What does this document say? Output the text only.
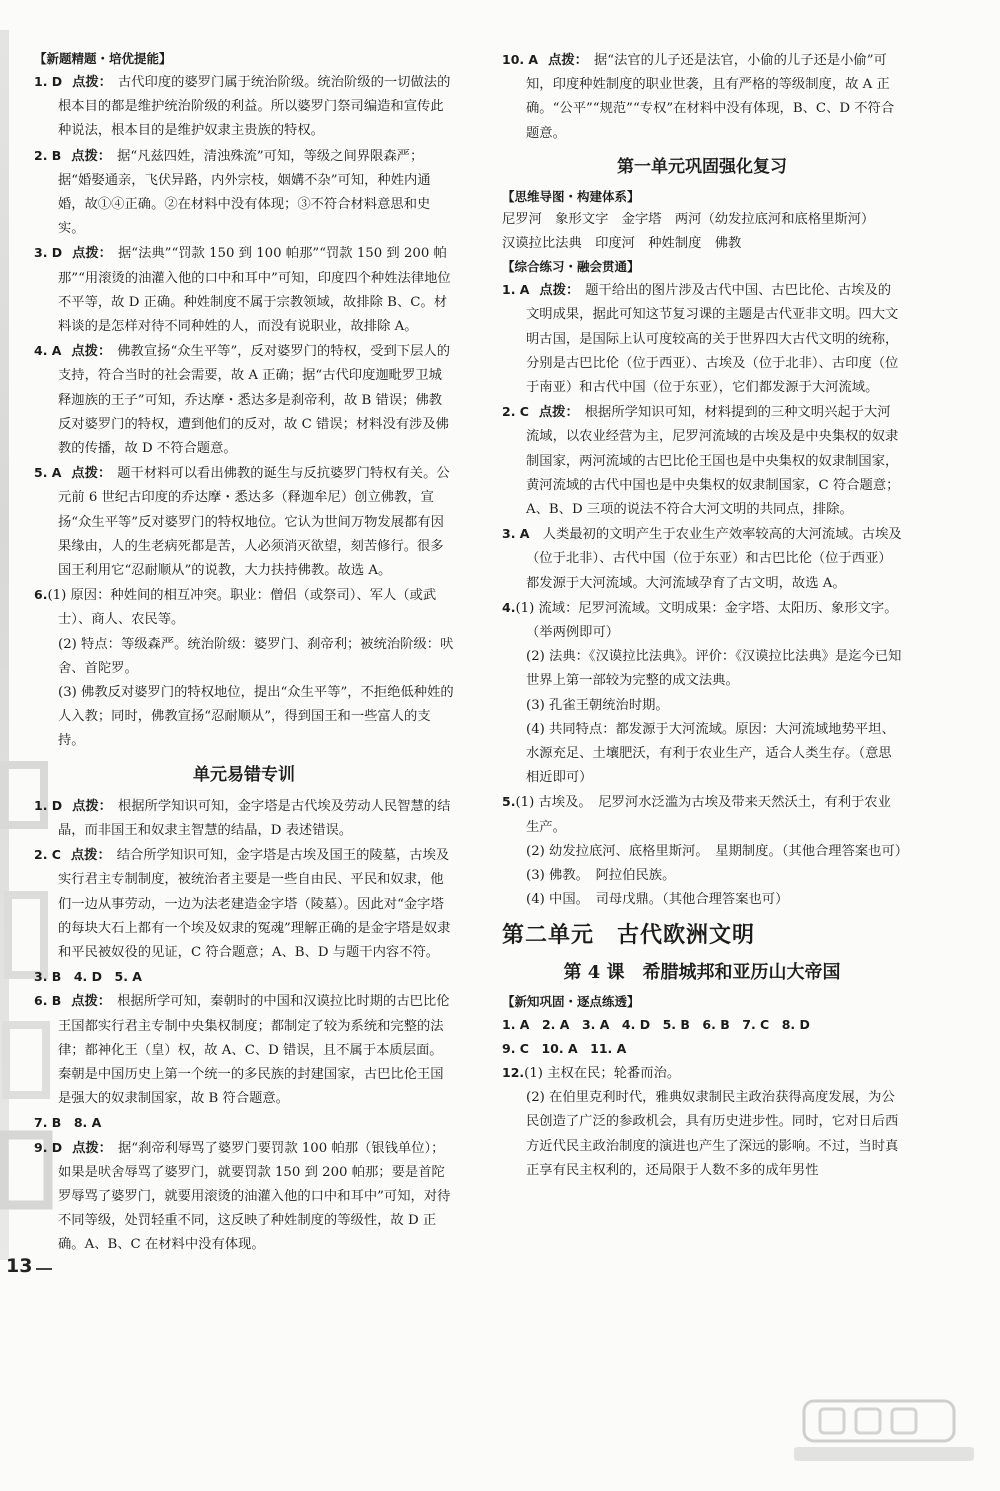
【新题精题・培优提能】
1. D 点拨： 古代印度的婆罗门属于统治阶级。统治阶级的一切做法的根本目的都是维护统治阶级的利益。所以婆罗门祭司编造和宣传此种说法，根本目的是维护奴隶主贵族的特权。
2. B 点拨： 据“凡兹四姓，清浊殊流”可知，等级之间界限森严；据“婚娶通亲，飞伏异路，内外宗枝，姻媾不杂”可知，种姓内通婚，故①④正确。②在材料中没有体现；③不符合材料意思和史实。
3. D 点拨： 据“法典”“罚款 150 到 100 帕那”“罚款 150 到 200 帕那”“用滚烫的油灌入他的口中和耳中”可知，印度四个种姓法律地位不平等，故 D 正确。种姓制度不属于宗教领域，故排除 B、C。材料谈的是怎样对待不同种姓的人，而没有说职业，故排除 A。
4. A 点拨： 佛教宣扬“众生平等”，反对婆罗门的特权，受到下层人的支持，符合当时的社会需要，故 A 正确；据“古代印度迦毗罗卫城释迦族的王子”可知，乔达摩・悉达多是刹帝利，故 B 错误；佛教反对婆罗门的特权，遭到他们的反对，故 C 错误；材料没有涉及佛教的传播，故 D 不符合题意。
5. A 点拨： 题干材料可以看出佛教的诞生与反抗婆罗门特权有关。公元前 6 世纪古印度的乔达摩・悉达多（释迦牟尼）创立佛教，宣扬“众生平等”反对婆罗门的特权地位。它认为世间万物发展都有因果缘由，人的生老病死都是苦，人必须消灭欲望，刻苦修行。很多国王利用它“忍耐顺从”的说教，大力扶持佛教。故选 A。
6.(1) 原因：种姓间的相互冲突。职业：僧侣（或祭司）、军人（或武士）、商人、农民等。
(2) 特点：等级森严。统治阶级：婆罗门、刹帝利；被统治阶级：吠舍、首陀罗。
(3) 佛教反对婆罗门的特权地位，提出“众生平等”，不拒绝低种姓的人入教；同时，佛教宣扬“忍耐顺从”，得到国王和一些富人的支持。
单元易错专训
1. D 点拨： 根据所学知识可知，金字塔是古代埃及劳动人民智慧的结晶，而非国王和奴隶主智慧的结晶，D 表述错误。
2. C 点拨： 结合所学知识可知，金字塔是古埃及国王的陵墓，古埃及实行君主专制制度，被统治者主要是一些自由民、平民和奴隶，他们一边从事劳动，一边为法老建造金字塔（陵墓）。因此对“金字塔的每块大石上都有一个埃及奴隶的冤魂”理解正确的是金字塔是奴隶和平民被奴役的见证，C 符合题意；A、B、D 与题干内容不符。
3. B　4. D　5. A
6. B 点拨： 根据所学可知，秦朝时的中国和汉谟拉比时期的古巴比伦王国都实行君主专制中央集权制度；都制定了较为系统和完整的法律；都神化王（皇）权，故 A、C、D 错误，且不属于本质层面。秦朝是中国历史上第一个统一的多民族的封建国家，古巴比伦王国是强大的奴隶制国家，故 B 符合题意。
7. B　8. A
9. D 点拨： 据“刹帝利辱骂了婆罗门要罚款 100 帕那（银钱单位）；如果是吠舍辱骂了婆罗门，就要罚款 150 到 200 帕那；要是首陀罗辱骂了婆罗门，就要用滚烫的油灌入他的口中和耳中”可知，对待不同等级，处罚轻重不同，这反映了种姓制度的等级性，故 D 正确。A、B、C 在材料中没有体现。
10. A 点拨： 据“法官的儿子还是法官，小偷的儿子还是小偷”可知，印度种姓制度的职业世袭，且有严格的等级制度，故 A 正确。“公平”“规范”“专权”在材料中没有体现，B、C、D 不符合题意。
第一单元巩固强化复习
【思维导图・构建体系】
尼罗河　象形文字　金字塔　两河（幼发拉底河和底格里斯河）
汉谟拉比法典　印度河　种姓制度　佛教
【综合练习・融会贯通】
1. A 点拨： 题干给出的图片涉及古代中国、古巴比伦、古埃及的文明成果，据此可知这节复习课的主题是古代亚非文明。四大文明古国，是国际上认可度较高的关于世界四大古代文明的统称，分别是古巴比伦（位于西亚）、古埃及（位于北非）、古印度（位于南亚）和古代中国（位于东亚），它们都发源于大河流域。
2. C 点拨： 根据所学知识可知，材料提到的三种文明兴起于大河流域，以农业经营为主，尼罗河流域的古埃及是中央集权的奴隶制国家，两河流域的古巴比伦王国也是中央集权的奴隶制国家，黄河流域的古代中国也是中央集权的奴隶制国家，C 符合题意；A、B、D 三项的说法不符合大河文明的共同点，排除。
3. A　 人类最初的文明产生于农业生产效率较高的大河流域。古埃及（位于北非）、古代中国（位于东亚）和古巴比伦（位于西亚）都发源于大河流域。大河流域孕育了古文明，故选 A。
4.(1) 流域：尼罗河流域。文明成果：金字塔、太阳历、象形文字。（举两例即可）
(2) 法典：《汉谟拉比法典》。评价：《汉谟拉比法典》是迄今已知世界上第一部较为完整的成文法典。
(3) 孔雀王朝统治时期。
(4) 共同特点：都发源于大河流域。原因：大河流域地势平坦、水源充足、土壤肥沃，有利于农业生产，适合人类生存。（意思相近即可）
5.(1) 古埃及。　尼罗河水泛滥为古埃及带来天然沃土，有利于农业生产。
(2) 幼发拉底河、底格里斯河。　星期制度。（其他合理答案也可）
(3) 佛教。　阿拉伯民族。
(4) 中国。　司母戊鼎。（其他合理答案也可）
第二单元　古代欧洲文明
第 4 课　希腊城邦和亚历山大帝国
【新知巩固・逐点练透】
1. A　2. A　3. A　4. D　5. B　6. B　7. C　8. D
9. C　10. A　11. A
12.(1) 主权在民；轮番而治。
(2) 在伯里克利时代，雅典奴隶制民主政治获得高度发展，为公民创造了广泛的参政机会，具有历史进步性。同时，它对日后西方近代民主政治制度的演进也产生了深远的影响。不过，当时真正享有民主权利的，还局限于人数不多的成年男性
13
